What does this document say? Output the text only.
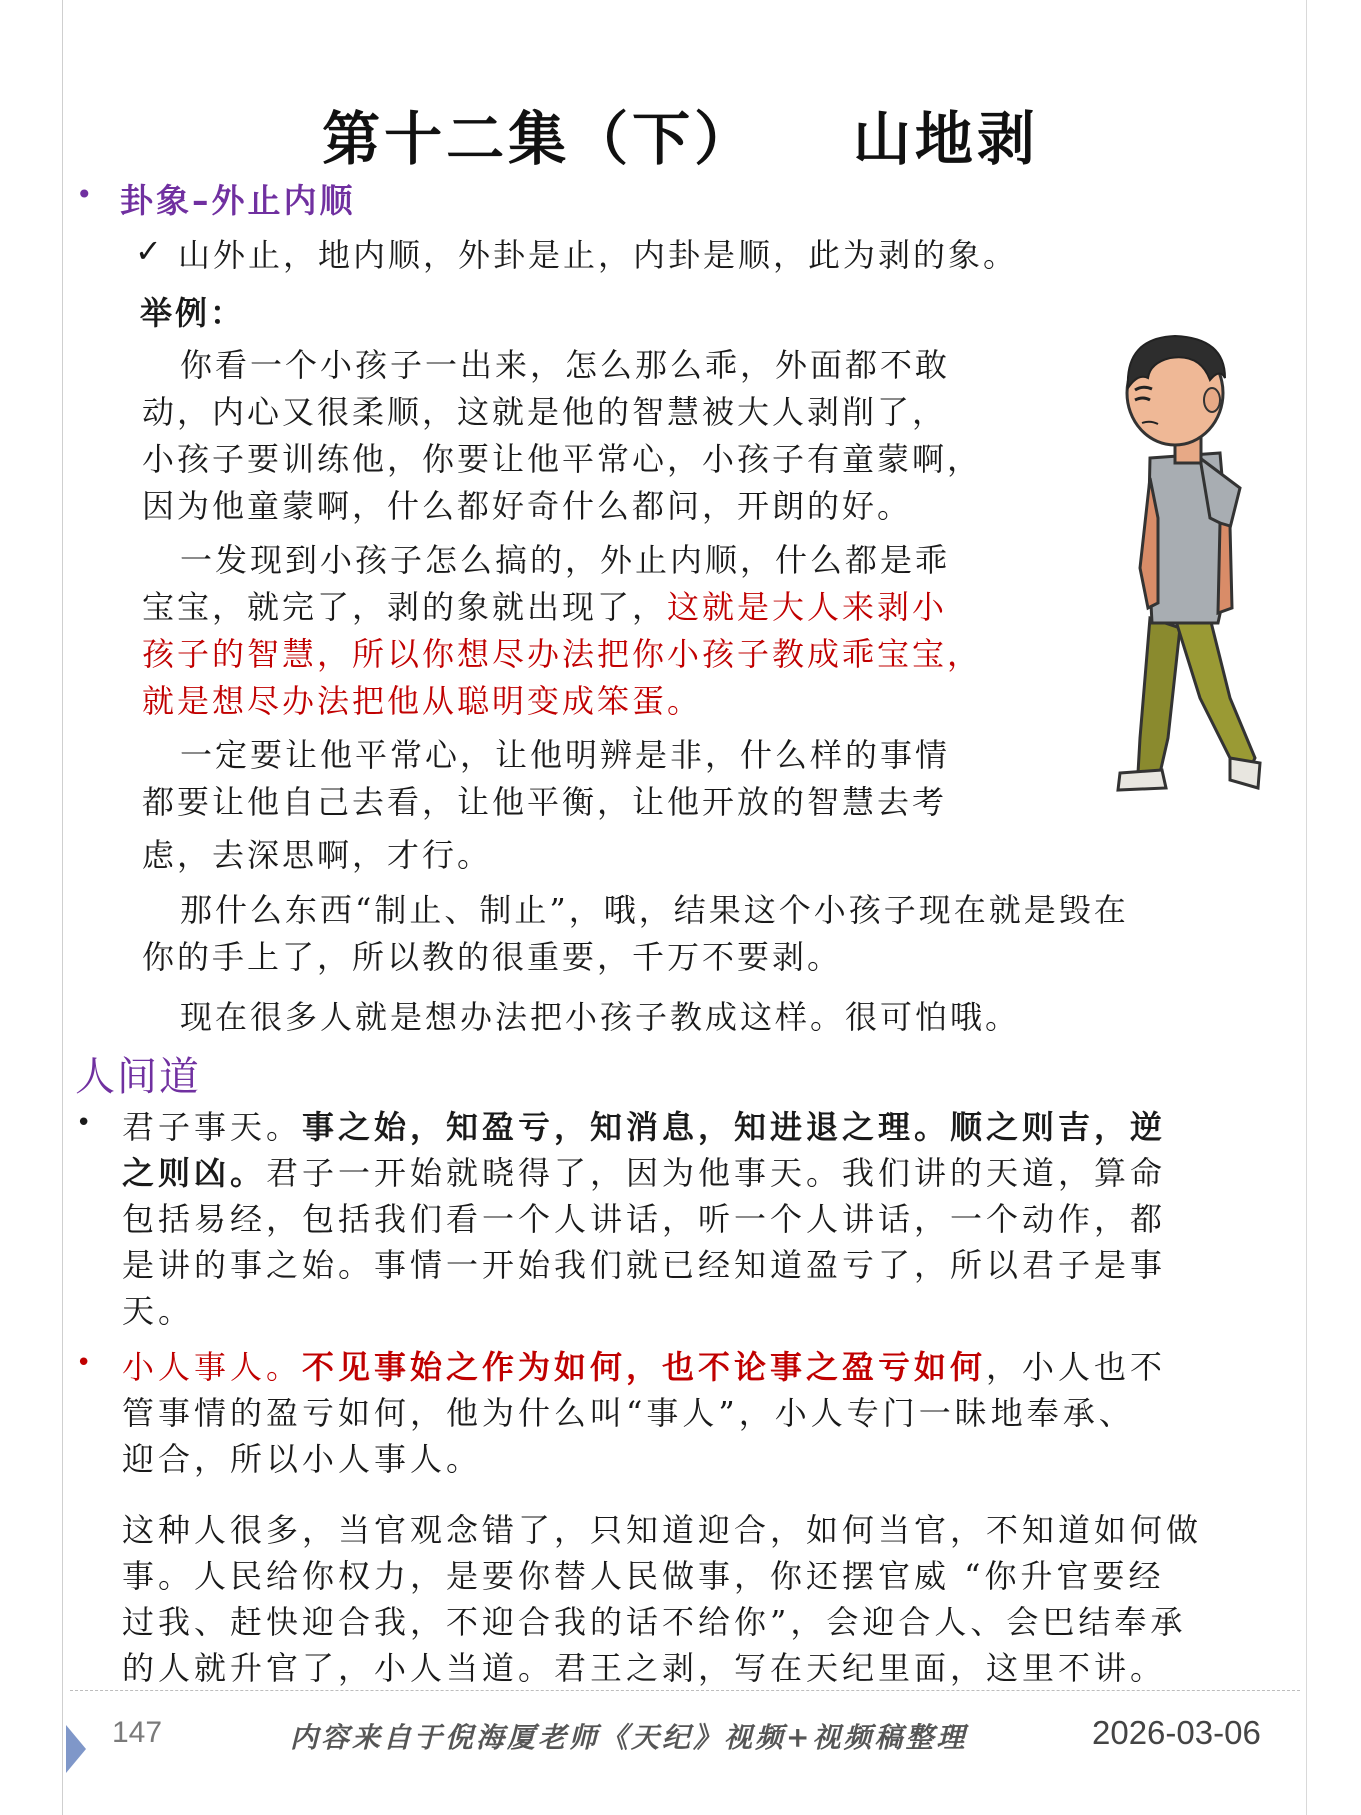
第十二集（下）    山地剥
• 卦象–外止内顺
✓ 山外止，地内顺，外卦是止，内卦是顺，此为剥的象。
举例：
你看一个小孩子一出来，怎么那么乖，外面都不敢
动，内心又很柔顺，这就是他的智慧被大人剥削了，
小孩子要训练他，你要让他平常心，小孩子有童蒙啊，
因为他童蒙啊，什么都好奇什么都问，开朗的好。
一发现到小孩子怎么搞的，外止内顺，什么都是乖
宝宝，就完了，剥的象就出现了，这就是大人来剥小
孩子的智慧，所以你想尽办法把你小孩子教成乖宝宝，
就是想尽办法把他从聪明变成笨蛋。
一定要让他平常心，让他明辨是非，什么样的事情
都要让他自己去看，让他平衡，让他开放的智慧去考
虑，去深思啊，才行。
那什么东西“制止、制止”，哦，结果这个小孩子现在就是毁在
你的手上了，所以教的很重要，千万不要剥。
现在很多人就是想办法把小孩子教成这样。很可怕哦。
人间道
• 君子事天。事之始，知盈亏，知消息，知进退之理。顺之则吉，逆
之则凶。君子一开始就晓得了，因为他事天。我们讲的天道，算命
包括易经，包括我们看一个人讲话，听一个人讲话，一个动作，都
是讲的事之始。事情一开始我们就已经知道盈亏了，所以君子是事
天。
• 小人事人。不见事始之作为如何，也不论事之盈亏如何，小人也不
管事情的盈亏如何，他为什么叫“事人”，小人专门一昧地奉承、
迎合，所以小人事人。
这种人很多，当官观念错了，只知道迎合，如何当官，不知道如何做
事。人民给你权力，是要你替人民做事，你还摆官威 “你升官要经
过我、赶快迎合我，不迎合我的话不给你”，会迎合人、会巴结奉承
的人就升官了，小人当道。君王之剥，写在天纪里面，这里不讲。
147	内容来自于倪海厦老师《天纪》视频+视频稿整理	2026-03-06
